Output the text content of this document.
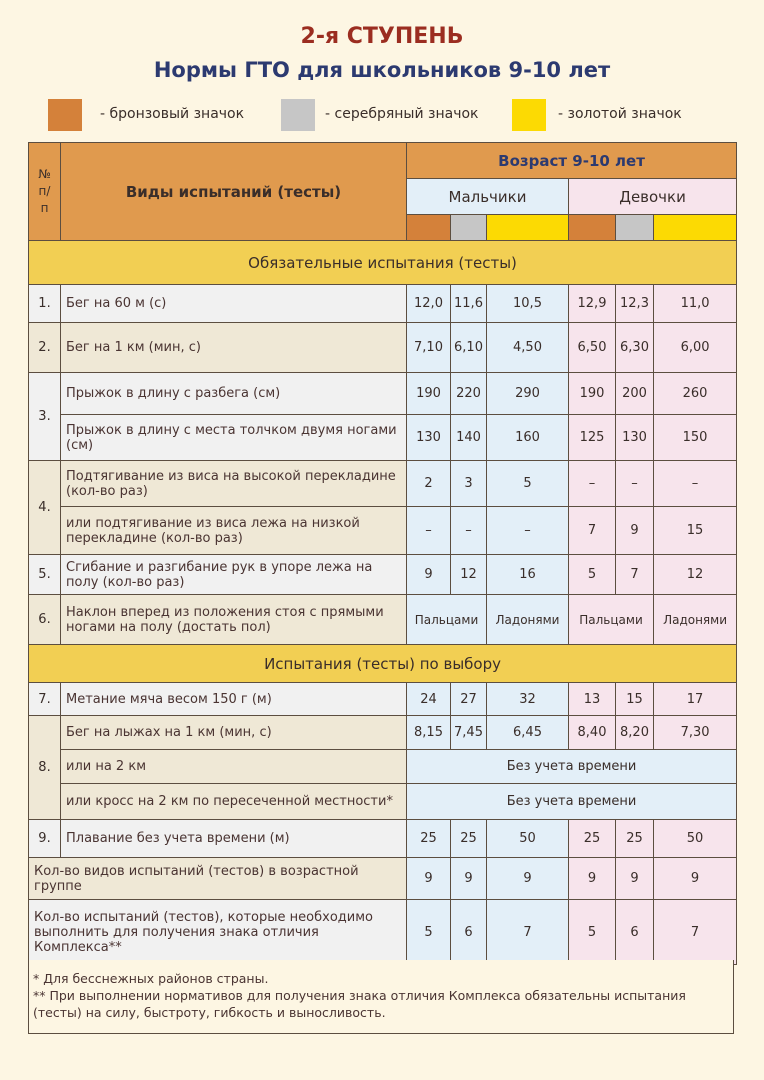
2-я СТУПЕНЬ
Нормы ГТО для школьников 9-10 лет
- бронзовый значок	- серебряный значок	- золотой значок
№ п/п	Виды испытаний (тесты)	Возраст 9-10 лет					
		Мальчики			Девочки		

Обязательные испытания (тесты)							
1.	Бег на 60 м (с)	12,0	11,6	10,5	12,9	12,3	11,0
2.	Бег на 1 км (мин, с)	7,10	6,10	4,50	6,50	6,30	6,00
3.	Прыжок в длину с разбега (см)	190	220	290	190	200	260
	Прыжок в длину с места толчком двумя ногами (см)	130	140	160	125	130	150
4.	Подтягивание из виса на высокой перекладине (кол-во раз)	2	3	5	–	–	–
	или подтягивание из виса лежа на низкой перекладине (кол-во раз)	–	–	–	7	9	15
5.	Сгибание и разгибание рук в упоре лежа на полу (кол-во раз)	9	12	16	5	7	12
6.	Наклон вперед из положения стоя с прямыми ногами на полу (достать пол)	Пальцами		Ладонями	Пальцами		Ладонями
Испытания (тесты) по выбору							
7.	Метание мяча весом 150 г (м)	24	27	32	13	15	17
8.	Бег на лыжах на 1 км (мин, с)	8,15	7,45	6,45	8,40	8,20	7,30
	или на 2 км	Без учета времени					
	или кросс на 2 км по пересеченной местности*	Без учета времени					
9.	Плавание без учета времени (м)	25	25	50	25	25	50
Кол-во видов испытаний (тестов) в возрастной группе		9	9	9	9	9	9
Кол-во испытаний (тестов), которые необходимо выполнить для получения знака отличия Комплекса**		5	6	7	5	6	7
* Для бесснежных районов страны.
** При выполнении нормативов для получения знака отличия Комплекса обязательны испытания (тесты) на силу, быстроту, гибкость и выносливость.
